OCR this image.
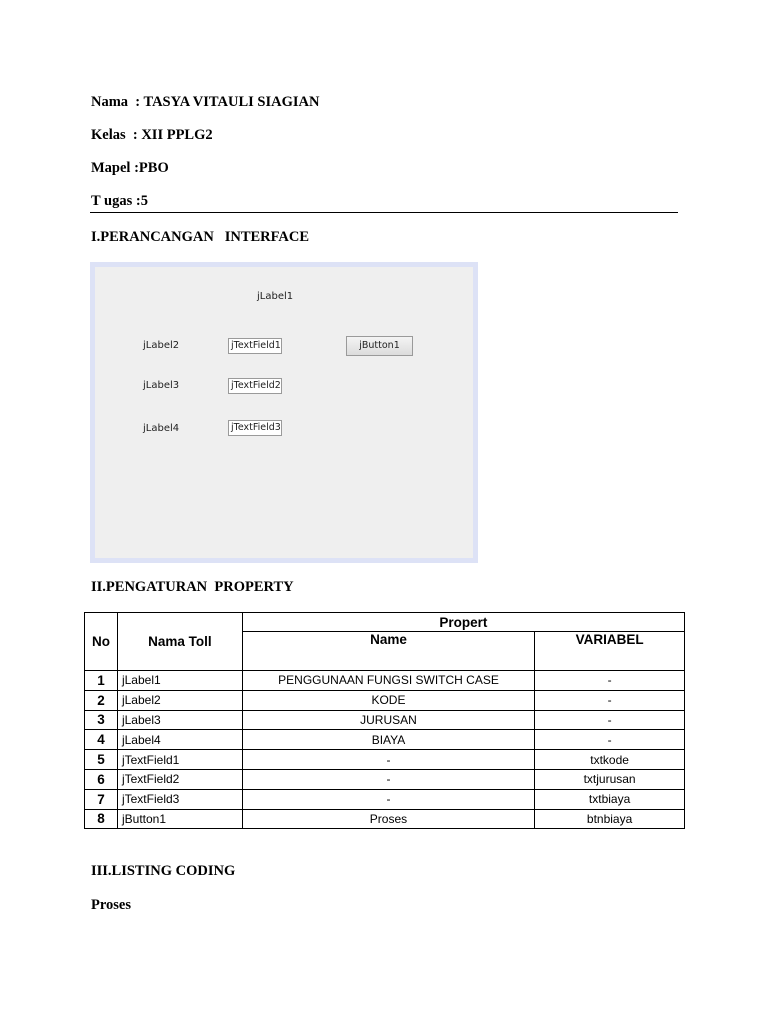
Nama  : TASYA VITAULI SIAGIAN
Kelas  : XII PPLG2
Mapel :PBO
T ugas :5
I.PERANCANGAN   INTERFACE
jLabel1
jLabel2
jLabel3
jLabel4
jTextField1
jTextField2
jTextField3
jButton1
II.PENGATURAN  PROPERTY
No	Nama Toll	Propert	
		Name	VARIABEL
1	jLabel1	PENGGUNAAN FUNGSI SWITCH CASE	-
2	jLabel2	KODE	-
3	jLabel3	JURUSAN	-
4	jLabel4	BIAYA	-
5	jTextField1	-	txtkode
6	jTextField2	-	txtjurusan
7	jTextField3	-	txtbiaya
8	jButton1	Proses	btnbiaya
III.LISTING CODING
Proses
